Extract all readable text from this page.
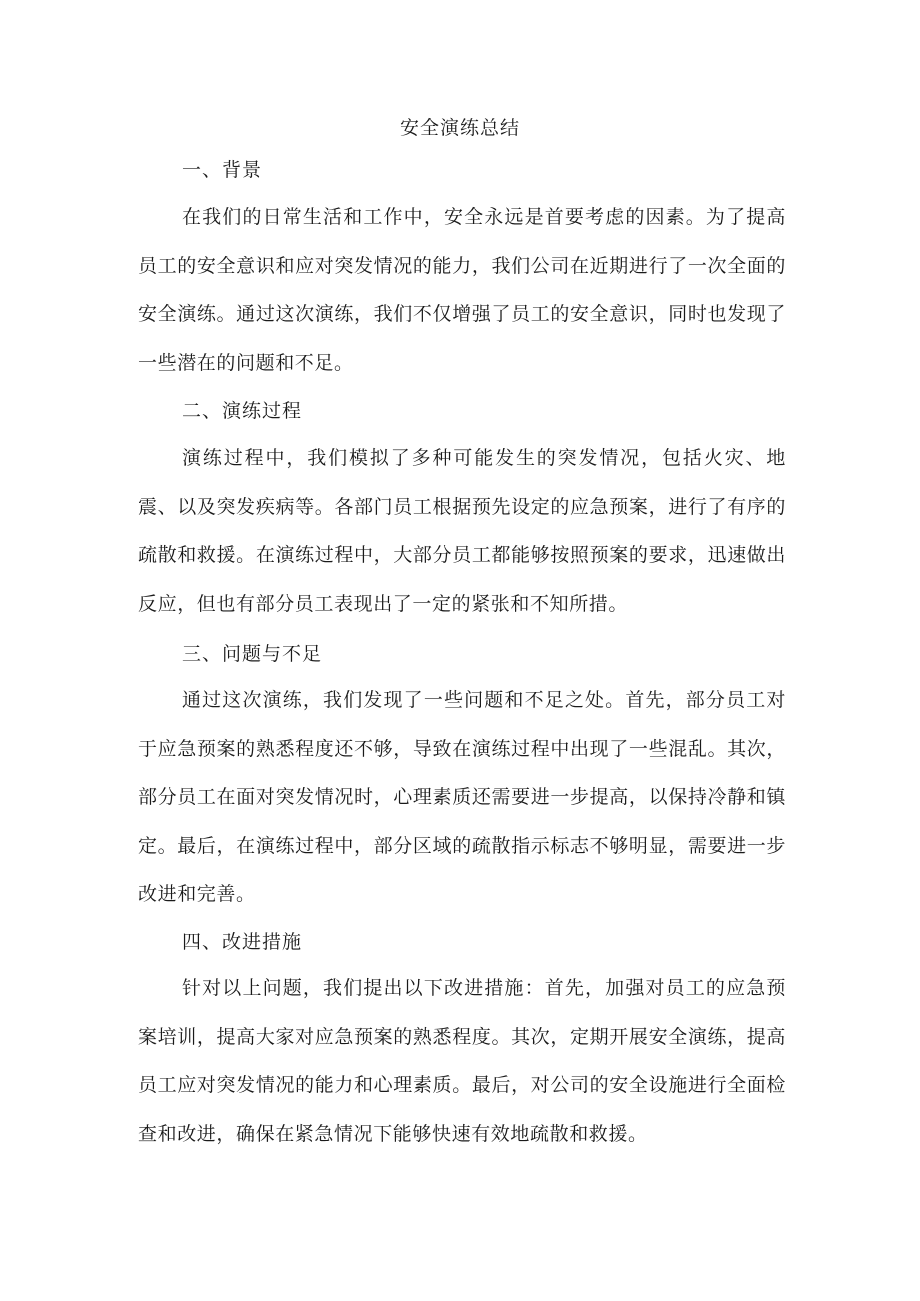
安全演练总结
一、背景

在我们的日常生活和工作中，安全永远是首要考虑的因素。为了提高员工的安全意识和应对突发情况的能力，我们公司在近期进行了一次全面的安全演练。通过这次演练，我们不仅增强了员工的安全意识，同时也发现了一些潜在的问题和不足。

二、演练过程

演练过程中，我们模拟了多种可能发生的突发情况，包括火灾、地震、以及突发疾病等。各部门员工根据预先设定的应急预案，进行了有序的疏散和救援。在演练过程中，大部分员工都能够按照预案的要求，迅速做出反应，但也有部分员工表现出了一定的紧张和不知所措。

三、问题与不足

通过这次演练，我们发现了一些问题和不足之处。首先，部分员工对于应急预案的熟悉程度还不够，导致在演练过程中出现了一些混乱。其次，部分员工在面对突发情况时，心理素质还需要进一步提高，以保持冷静和镇定。最后，在演练过程中，部分区域的疏散指示标志不够明显，需要进一步改进和完善。

四、改进措施

针对以上问题，我们提出以下改进措施：首先，加强对员工的应急预案培训，提高大家对应急预案的熟悉程度。其次，定期开展安全演练，提高员工应对突发情况的能力和心理素质。最后，对公司的安全设施进行全面检查和改进，确保在紧急情况下能够快速有效地疏散和救援。
